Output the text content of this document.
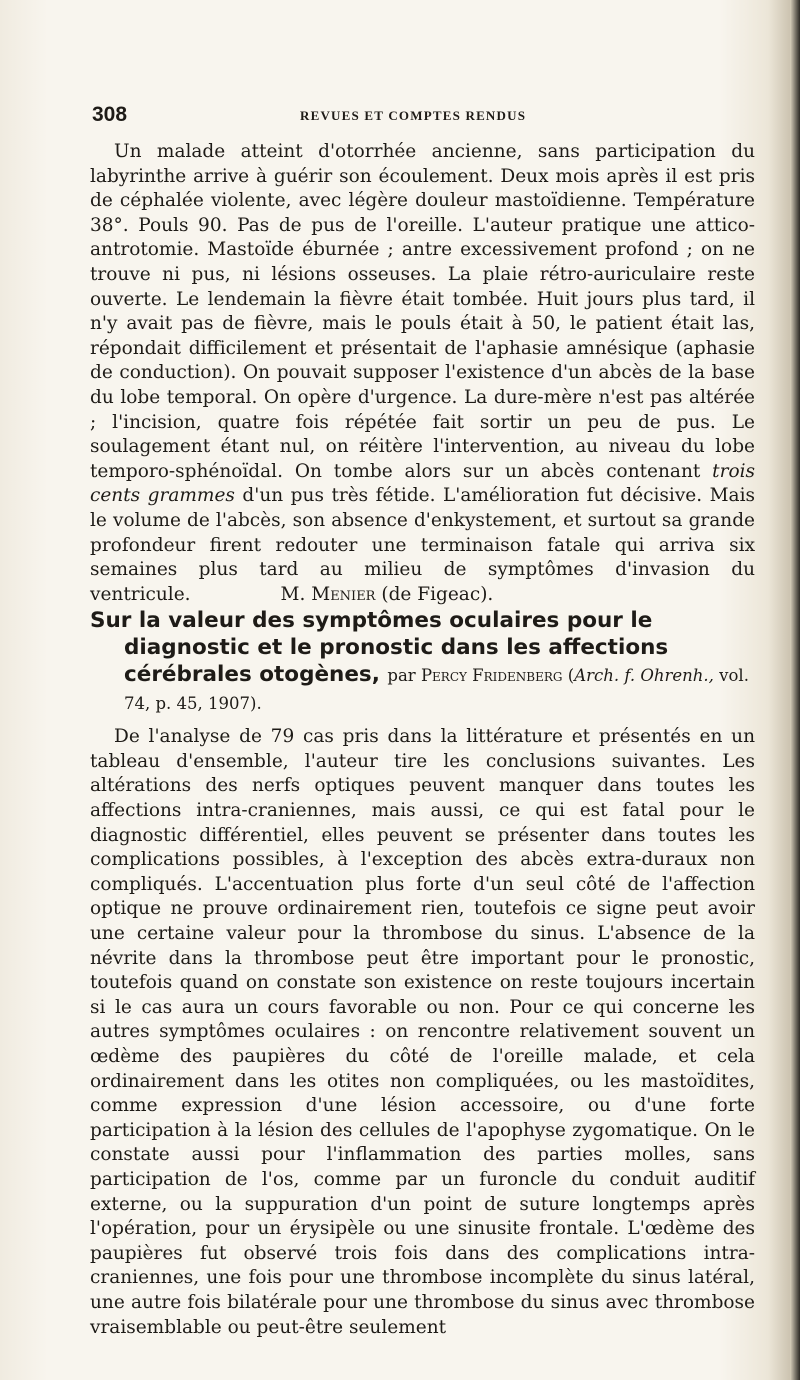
308	REVUES ET COMPTES RENDUS

Un malade atteint d'otorrhée ancienne, sans participation du labyrinthe arrive à guérir son écoulement. Deux mois après il est pris de céphalée violente, avec légère douleur mastoïdienne. Température 38°. Pouls 90. Pas de pus de l'oreille. L'auteur pratique une attico-antrotomie. Mastoïde éburnée ; antre excessivement profond ; on ne trouve ni pus, ni lésions osseuses. La plaie rétro-auriculaire reste ouverte. Le lendemain la fièvre était tombée. Huit jours plus tard, il n'y avait pas de fièvre, mais le pouls était à 50, le patient était las, répondait difficilement et présentait de l'aphasie amnésique (aphasie de conduction). On pouvait supposer l'existence d'un abcès de la base du lobe temporal. On opère d'urgence. La dure-mère n'est pas altérée ; l'incision, quatre fois répétée fait sortir un peu de pus. Le soulagement étant nul, on réitère l'intervention, au niveau du lobe temporo-sphénoïdal. On tombe alors sur un abcès contenant trois cents grammes d'un pus très fétide. L'amélioration fut décisive. Mais le volume de l'abcès, son absence d'enkystement, et surtout sa grande profondeur firent redouter une terminaison fatale qui arriva six semaines plus tard au milieu de symptômes d'invasion du ventricule.	M. Menier (de Figeac).

Sur la valeur des symptômes oculaires pour le diagnostic et le pronostic dans les affections cérébrales otogènes, par Percy Fridenberg (Arch. f. Ohrenh., vol. 74, p. 45, 1907).

De l'analyse de 79 cas pris dans la littérature et présentés en un tableau d'ensemble, l'auteur tire les conclusions suivantes. Les altérations des nerfs optiques peuvent manquer dans toutes les affections intra-craniennes, mais aussi, ce qui est fatal pour le diagnostic différentiel, elles peuvent se présenter dans toutes les complications possibles, à l'exception des abcès extra-duraux non compliqués. L'accentuation plus forte d'un seul côté de l'affection optique ne prouve ordinairement rien, toutefois ce signe peut avoir une certaine valeur pour la thrombose du sinus. L'absence de la névrite dans la thrombose peut être important pour le pronostic, toutefois quand on constate son existence on reste toujours incertain si le cas aura un cours favorable ou non. Pour ce qui concerne les autres symptômes oculaires : on rencontre relativement souvent un œdème des paupières du côté de l'oreille malade, et cela ordinairement dans les otites non compliquées, ou les mastoïdites, comme expression d'une lésion accessoire, ou d'une forte participation à la lésion des cellules de l'apophyse zygomatique. On le constate aussi pour l'inflammation des parties molles, sans participation de l'os, comme par un furoncle du conduit auditif externe, ou la suppuration d'un point de suture longtemps après l'opération, pour un érysipèle ou une sinusite frontale. L'œdème des paupières fut observé trois fois dans des complications intra-craniennes, une fois pour une thrombose incomplète du sinus latéral, une autre fois bilatérale pour une thrombose du sinus avec thrombose vraisemblable ou peut-être seulement
